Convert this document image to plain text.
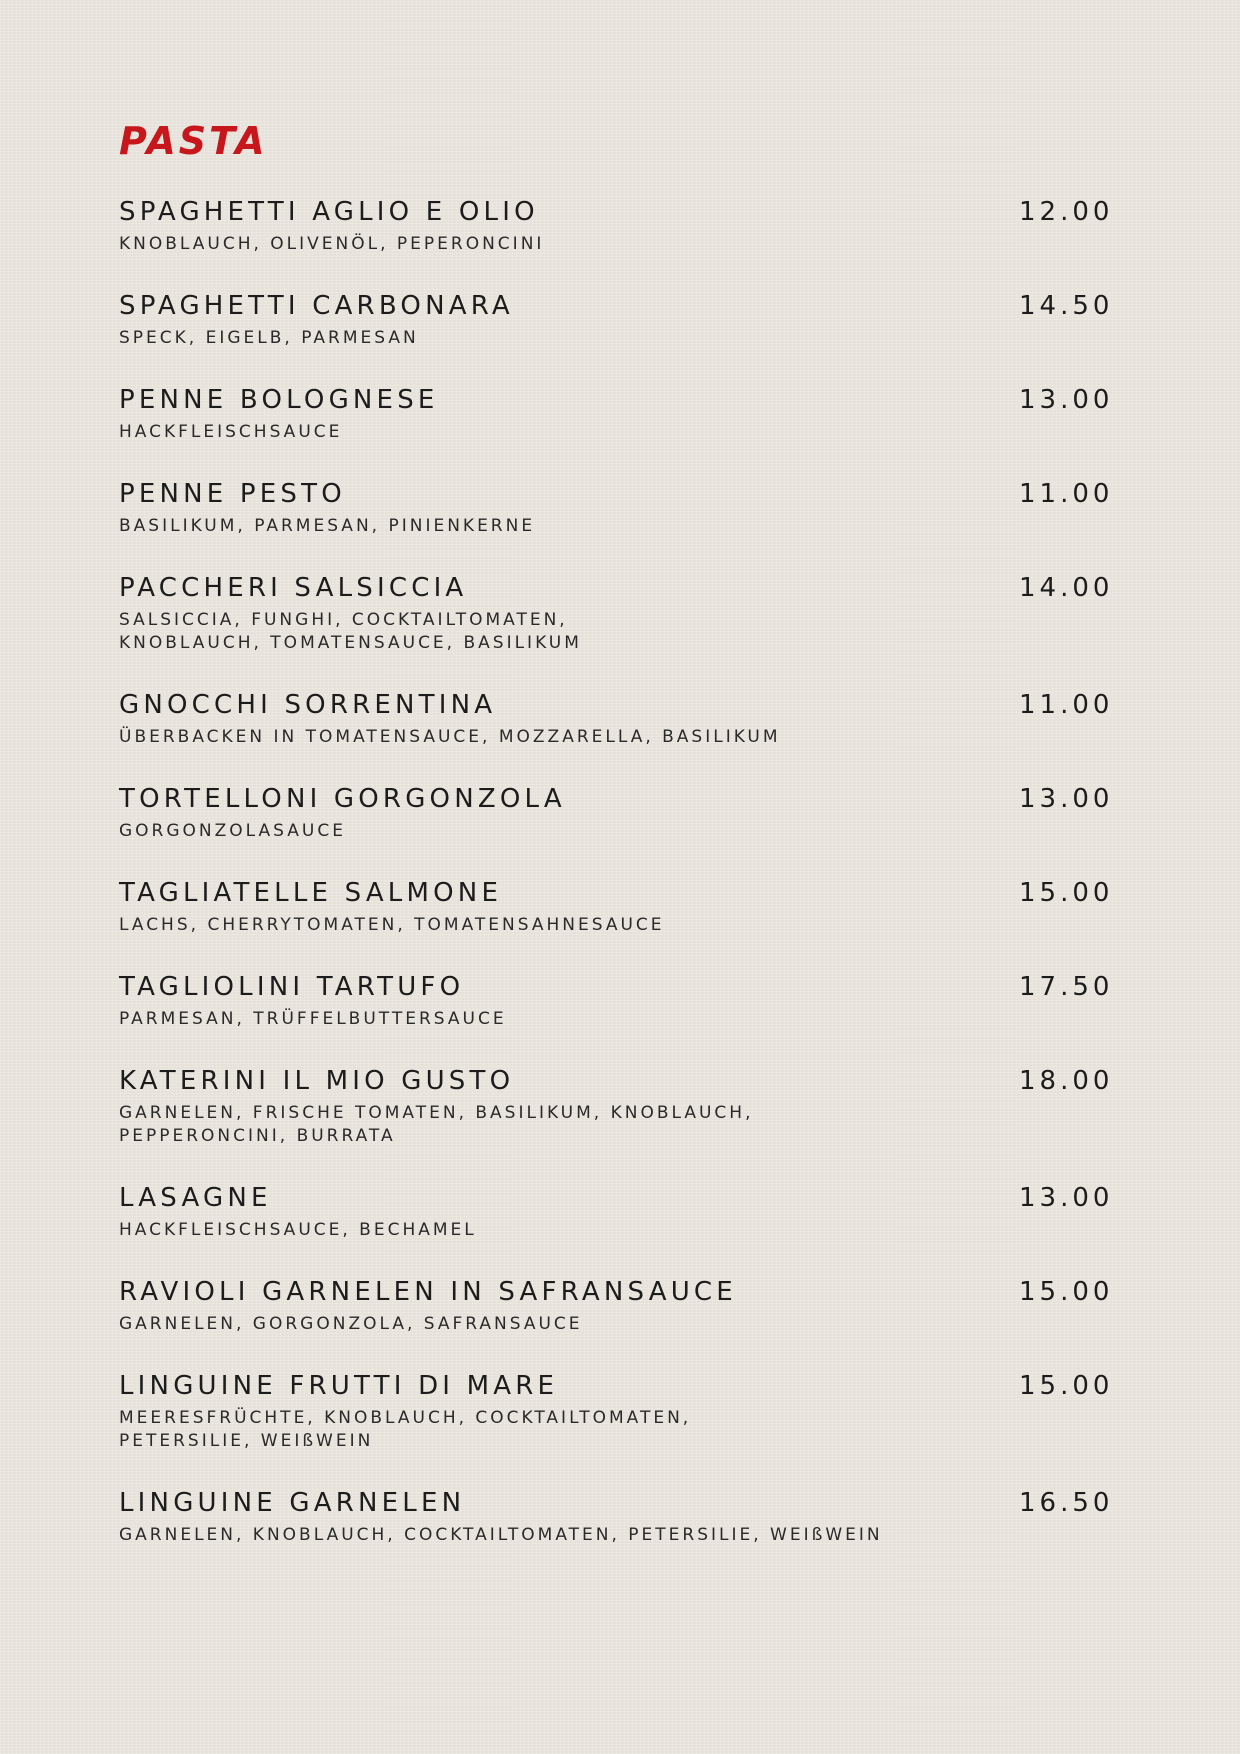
PASTA
SPAGHETTI AGLIO E OLIO	12.00
KNOBLAUCH, OLIVENÖL, PEPERONCINI
SPAGHETTI CARBONARA	14.50
SPECK, EIGELB, PARMESAN
PENNE BOLOGNESE	13.00
HACKFLEISCHSAUCE
PENNE PESTO	11.00
BASILIKUM, PARMESAN, PINIENKERNE
PACCHERI SALSICCIA	14.00
SALSICCIA, FUNGHI, COCKTAILTOMATEN,
KNOBLAUCH, TOMATENSAUCE, BASILIKUM
GNOCCHI SORRENTINA	11.00
ÜBERBACKEN IN TOMATENSAUCE, MOZZARELLA, BASILIKUM
TORTELLONI GORGONZOLA	13.00
GORGONZOLASAUCE
TAGLIATELLE SALMONE	15.00
LACHS, CHERRYTOMATEN, TOMATENSAHNESAUCE
TAGLIOLINI TARTUFO	17.50
PARMESAN, TRÜFFELBUTTERSAUCE
KATERINI IL MIO GUSTO	18.00
GARNELEN, FRISCHE TOMATEN, BASILIKUM, KNOBLAUCH,
PEPPERONCINI, BURRATA
LASAGNE	13.00
HACKFLEISCHSAUCE, BECHAMEL
RAVIOLI GARNELEN IN SAFRANSAUCE	15.00
GARNELEN, GORGONZOLA, SAFRANSAUCE
LINGUINE FRUTTI DI MARE	15.00
MEERESFRÜCHTE, KNOBLAUCH, COCKTAILTOMATEN,
PETERSILIE, WEIßWEIN
LINGUINE GARNELEN	16.50
GARNELEN, KNOBLAUCH, COCKTAILTOMATEN, PETERSILIE, WEIßWEIN
